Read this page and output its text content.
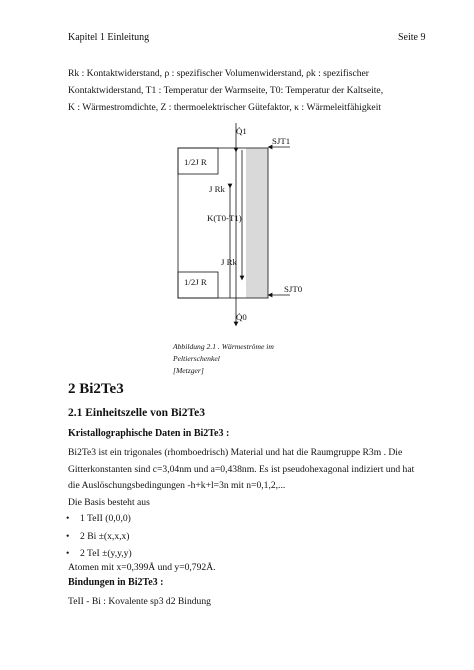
Kapitel 1 Einleitung	Seite 9
Rk : Kontaktwiderstand, ρ : spezifischer Volumenwiderstand, ρk : spezifischer
Kontaktwiderstand, T1 : Temperatur der Warmseite, T0: Temperatur der Kaltseite,
K : Wärmestromdichte, Z : thermoelektrischer Gütefaktor, κ : Wärmeleitfähigkeit
Q̇1
SJT1
1/2J R
J Rk
K(T0-T1)
J Rk
1/2J R
SJT0
Q̇0
Abbildung 2.1 . Wärmeströme im
Peltierschenkel
[Metzger]
2 Bi2Te3
2.1 Einheitszelle von Bi2Te3
Kristallographische Daten in Bi2Te3 :
Bi2Te3 ist ein trigonales (rhomboedrisch) Material und hat die Raumgruppe R3m . Die
Gitterkonstanten sind c=3,04nm und a=0,438nm. Es ist pseudohexagonal indiziert und hat
die Auslöschungsbedingungen -h+k+l=3n mit n=0,1,2,...
Die Basis besteht aus
• 1 TeII (0,0,0)
• 2 Bi ±(x,x,x)
• 2 TeI ±(y,y,y)
Atomen mit x=0,399Å und y=0,792Å.
Bindungen in Bi2Te3 :
TeII - Bi : Kovalente sp3 d2 Bindung
